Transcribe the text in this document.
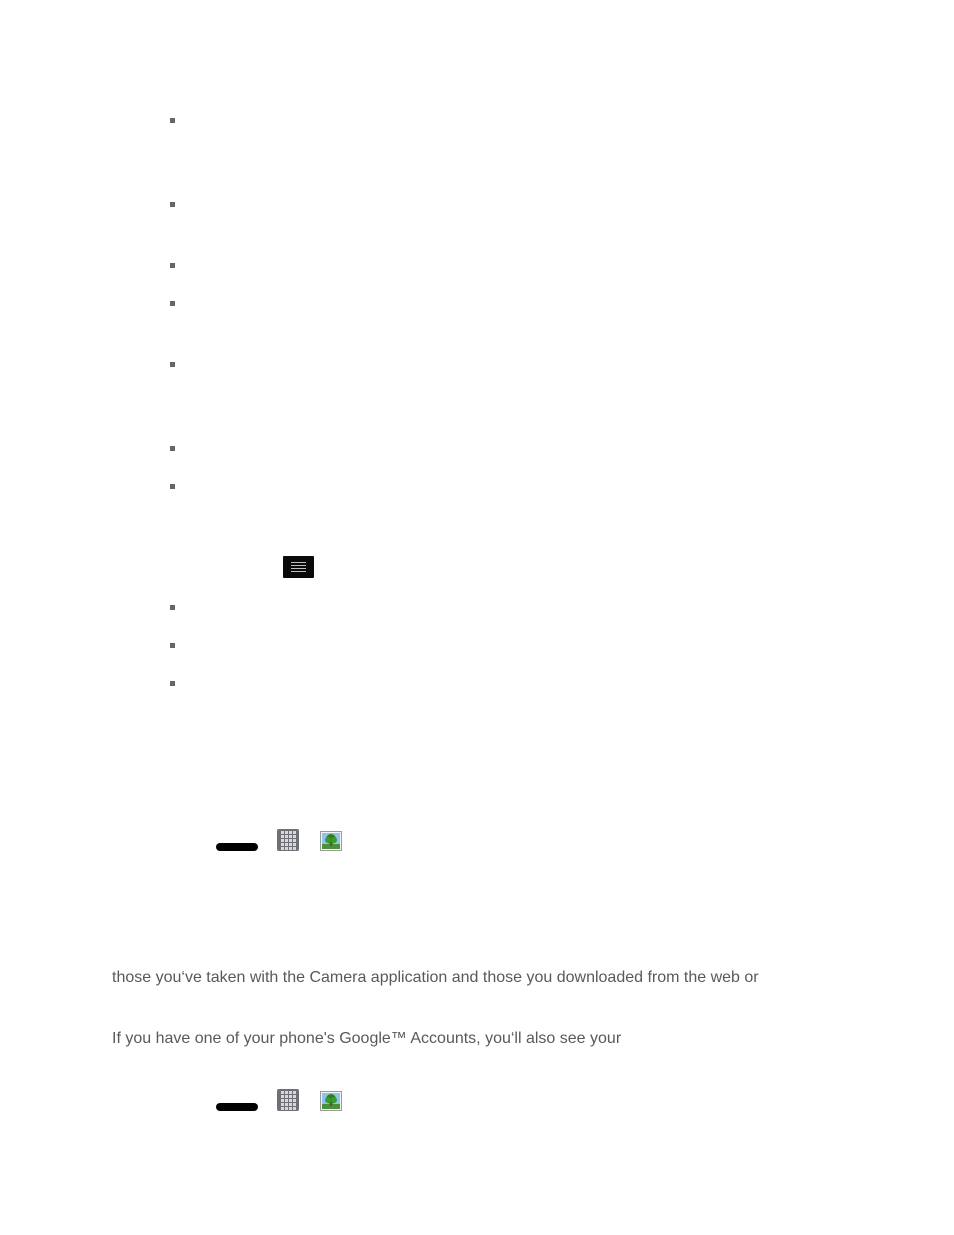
those you‘ve taken with the Camera application and those you downloaded from the web or
If you have one of your phone's Google™ Accounts, you‘ll also see your
